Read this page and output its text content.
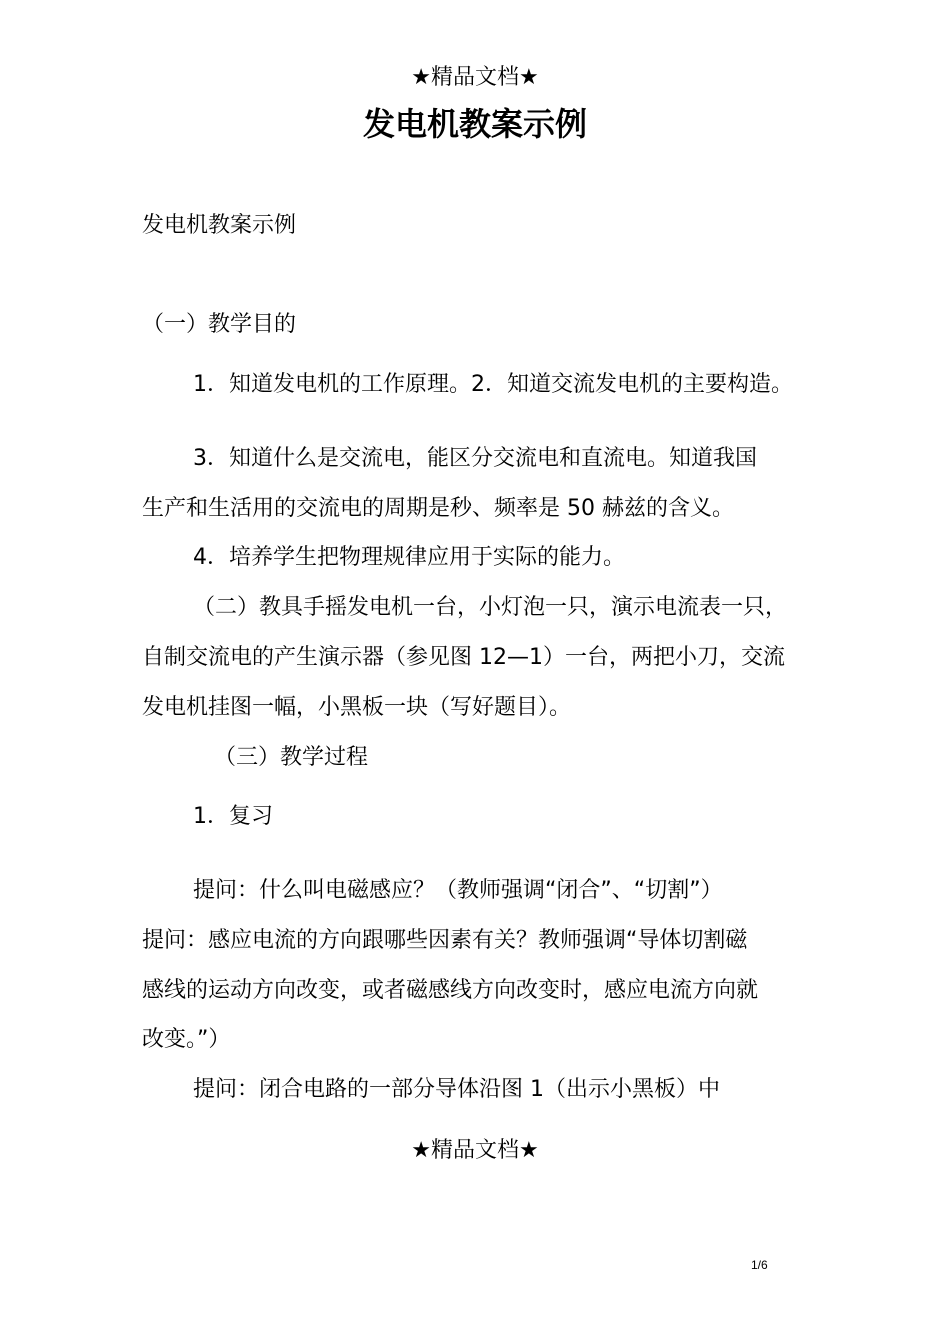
★精品文档★
发电机教案示例
发电机教案示例
（一）教学目的
1．知道发电机的工作原理。2．知道交流发电机的主要构造。
3．知道什么是交流电，能区分交流电和直流电。知道我国
生产和生活用的交流电的周期是秒、频率是 50 赫兹的含义。
4．培养学生把物理规律应用于实际的能力。
（二）教具手摇发电机一台，小灯泡一只，演示电流表一只，
自制交流电的产生演示器（参见图 12—1）一台，两把小刀，交流
发电机挂图一幅，小黑板一块（写好题目）。
（三）教学过程
1．复习
提问：什么叫电磁感应？（教师强调“闭合”、“切割”）
提问：感应电流的方向跟哪些因素有关？教师强调“导体切割磁
感线的运动方向改变，或者磁感线方向改变时，感应电流方向就
改变。”）
提问：闭合电路的一部分导体沿图 1（出示小黑板）中
★精品文档★
1/6
